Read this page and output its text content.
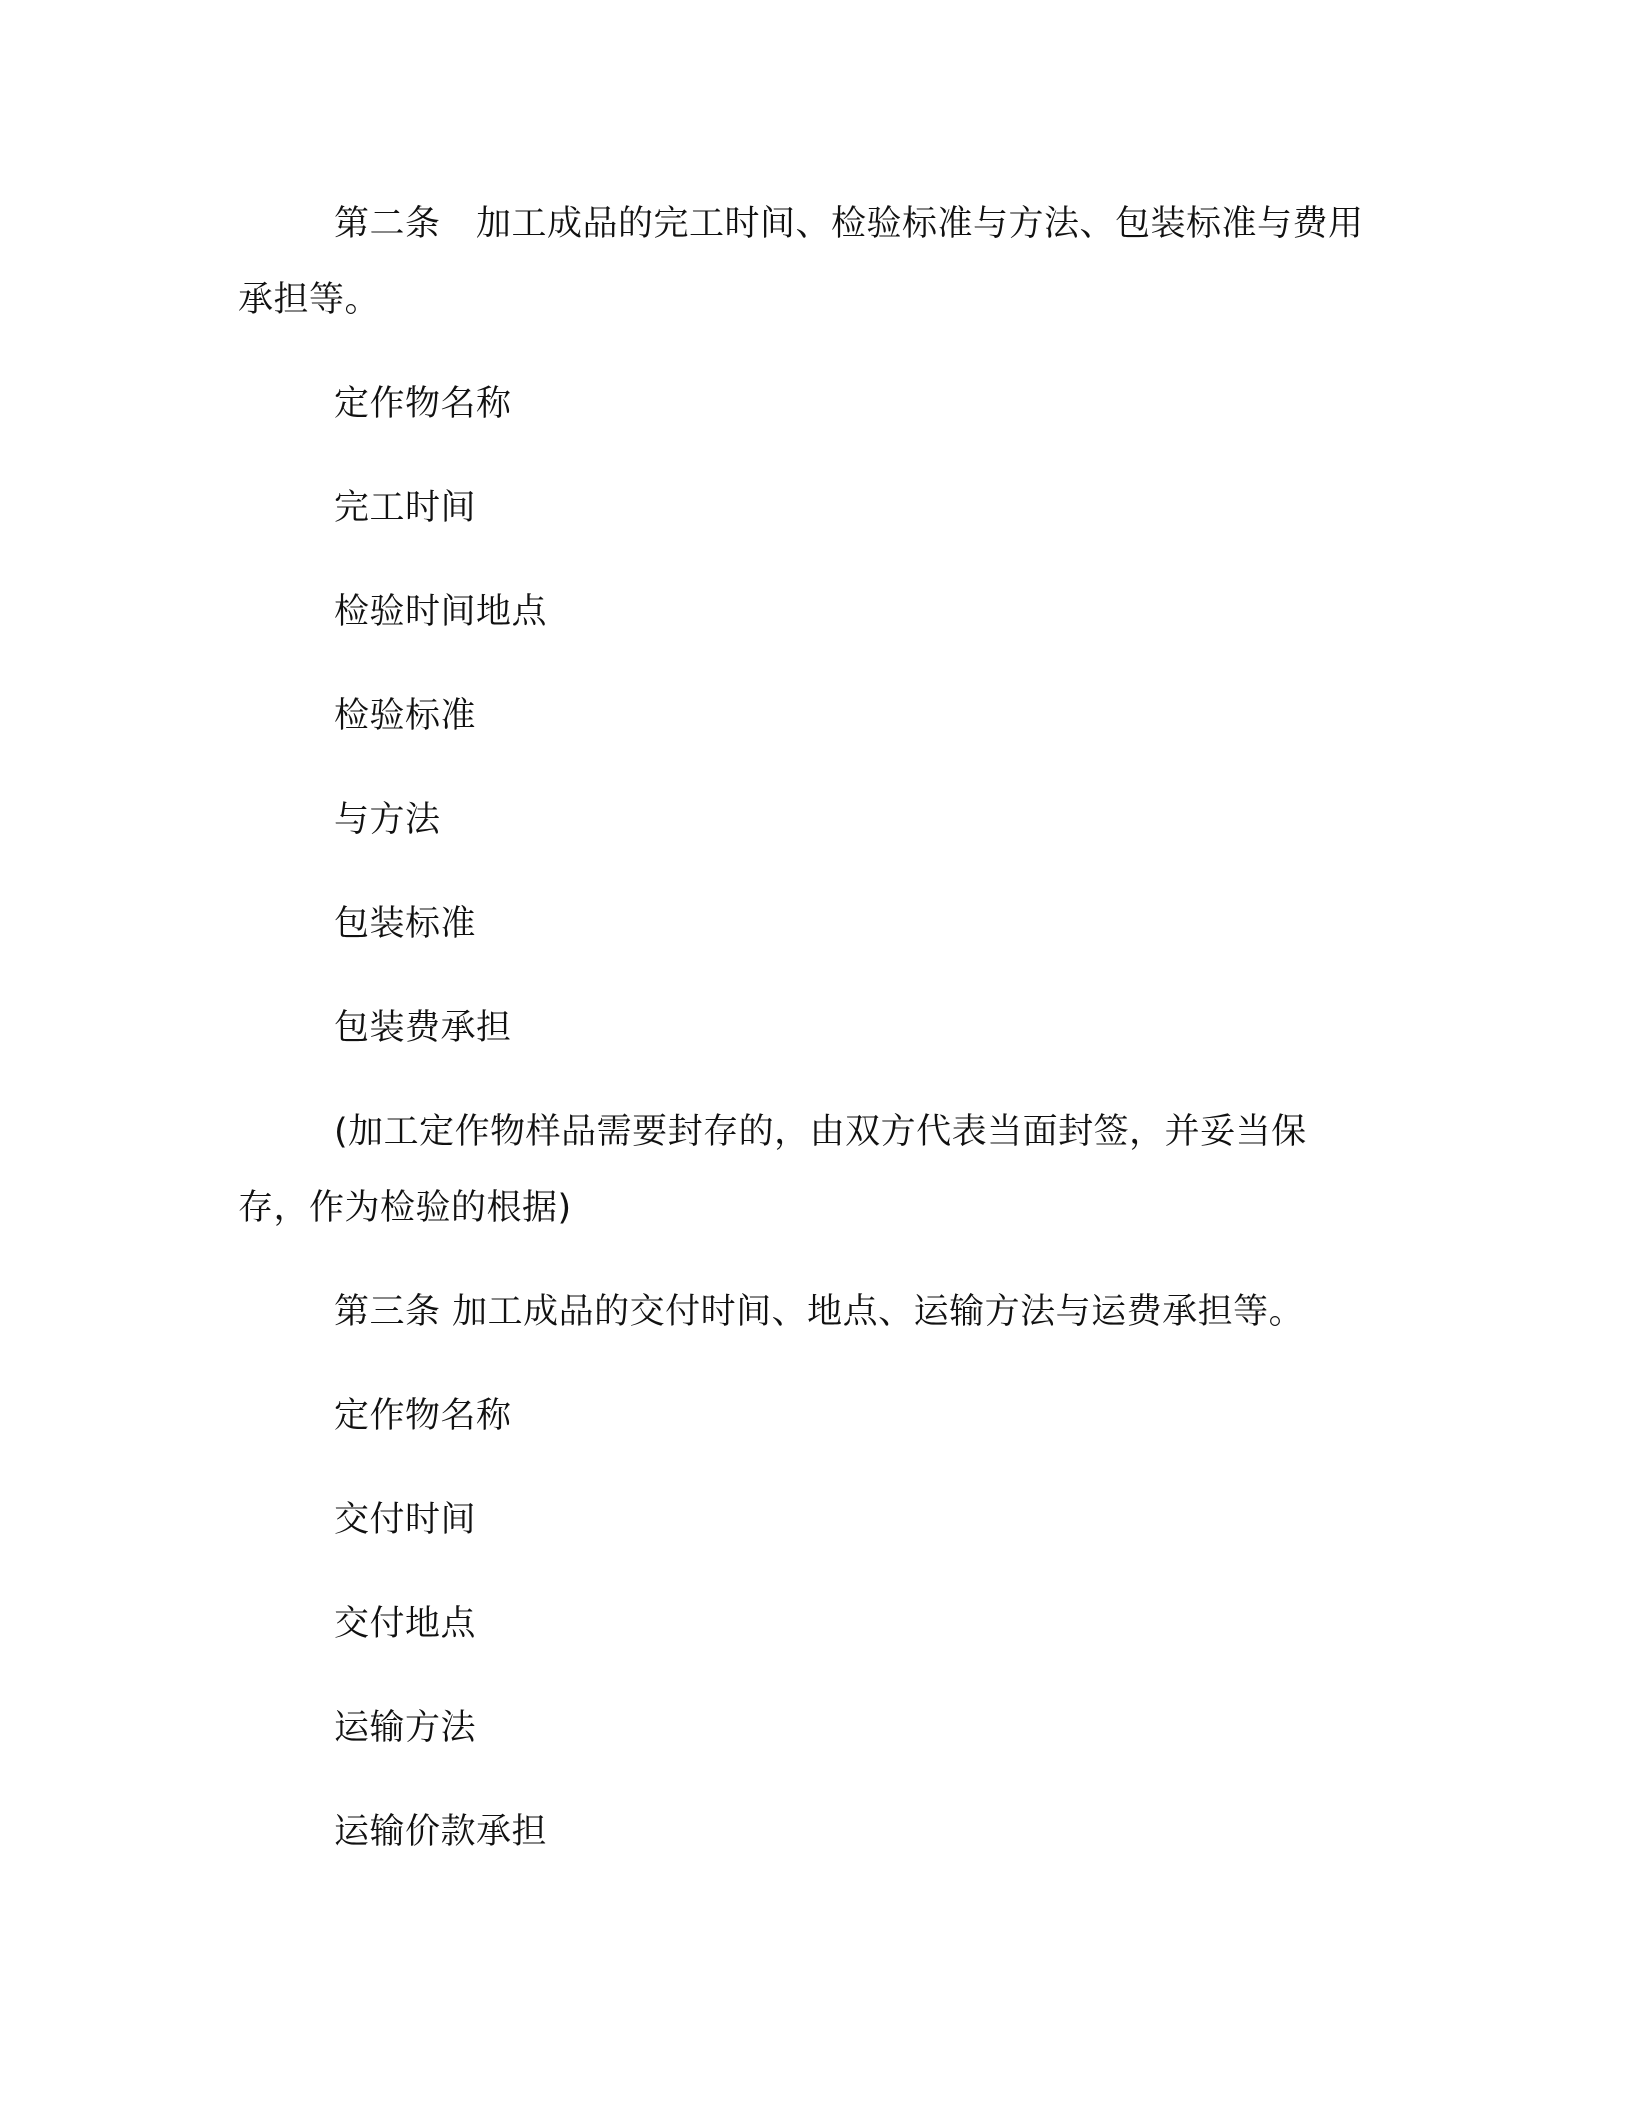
第二条　加工成品的完工时间、检验标准与方法、包装标准与费用承担等。

定作物名称

完工时间

检验时间地点

检验标准

与方法

包装标准

包装费承担

(加工定作物样品需要封存的，由双方代表当面封签，并妥当保存，作为检验的根据)

第三条 加工成品的交付时间、地点、运输方法与运费承担等。

定作物名称

交付时间

交付地点

运输方法

运输价款承担
